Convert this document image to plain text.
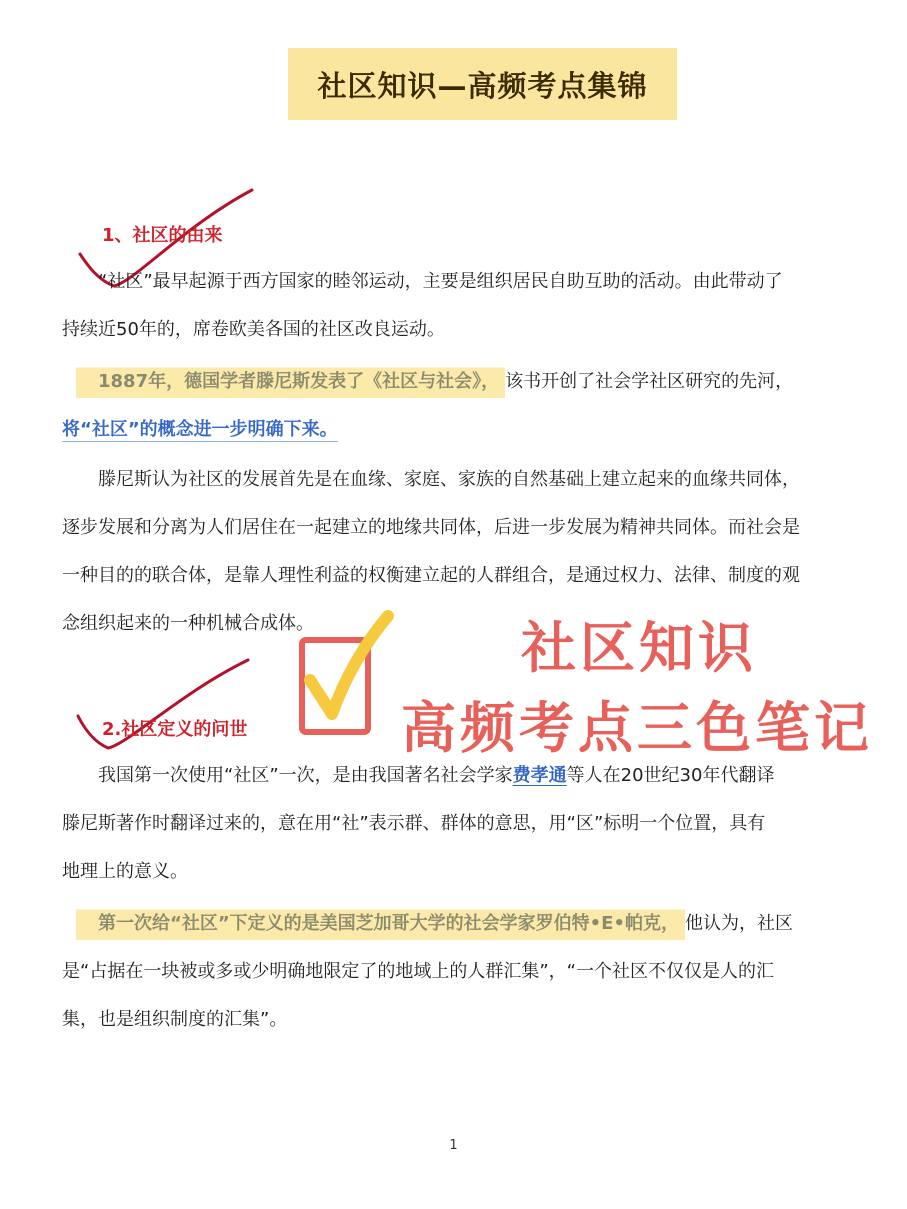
社区知识—高频考点集锦
1、社区的由来
“社区”最早起源于西方国家的睦邻运动，主要是组织居民自助互助的活动。由此带动了
持续近50年的，席卷欧美各国的社区改良运动。
1887年，德国学者滕尼斯发表了《社区与社会》， 该书开创了社会学社区研究的先河，
将“社区”的概念进一步明确下来。
滕尼斯认为社区的发展首先是在血缘、家庭、家族的自然基础上建立起来的血缘共同体，
逐步发展和分离为人们居住在一起建立的地缘共同体，后进一步发展为精神共同体。而社会是
一种目的的联合体，是靠人理性利益的权衡建立起的人群组合，是通过权力、法律、制度的观
念组织起来的一种机械合成体。
2.社区定义的问世
我国第一次使用“社区”一次，是由我国著名社会学家费孝通等人在20世纪30年代翻译
滕尼斯著作时翻译过来的，意在用“社”表示群、群体的意思，用“区”标明一个位置，具有
地理上的意义。
第一次给“社区”下定义的是美国芝加哥大学的社会学家罗伯特•E•帕克， 他认为，社区
是“占据在一块被或多或少明确地限定了的地域上的人群汇集”，“一个社区不仅仅是人的汇
集，也是组织制度的汇集”。
社区知识
高频考点三色笔记
1
